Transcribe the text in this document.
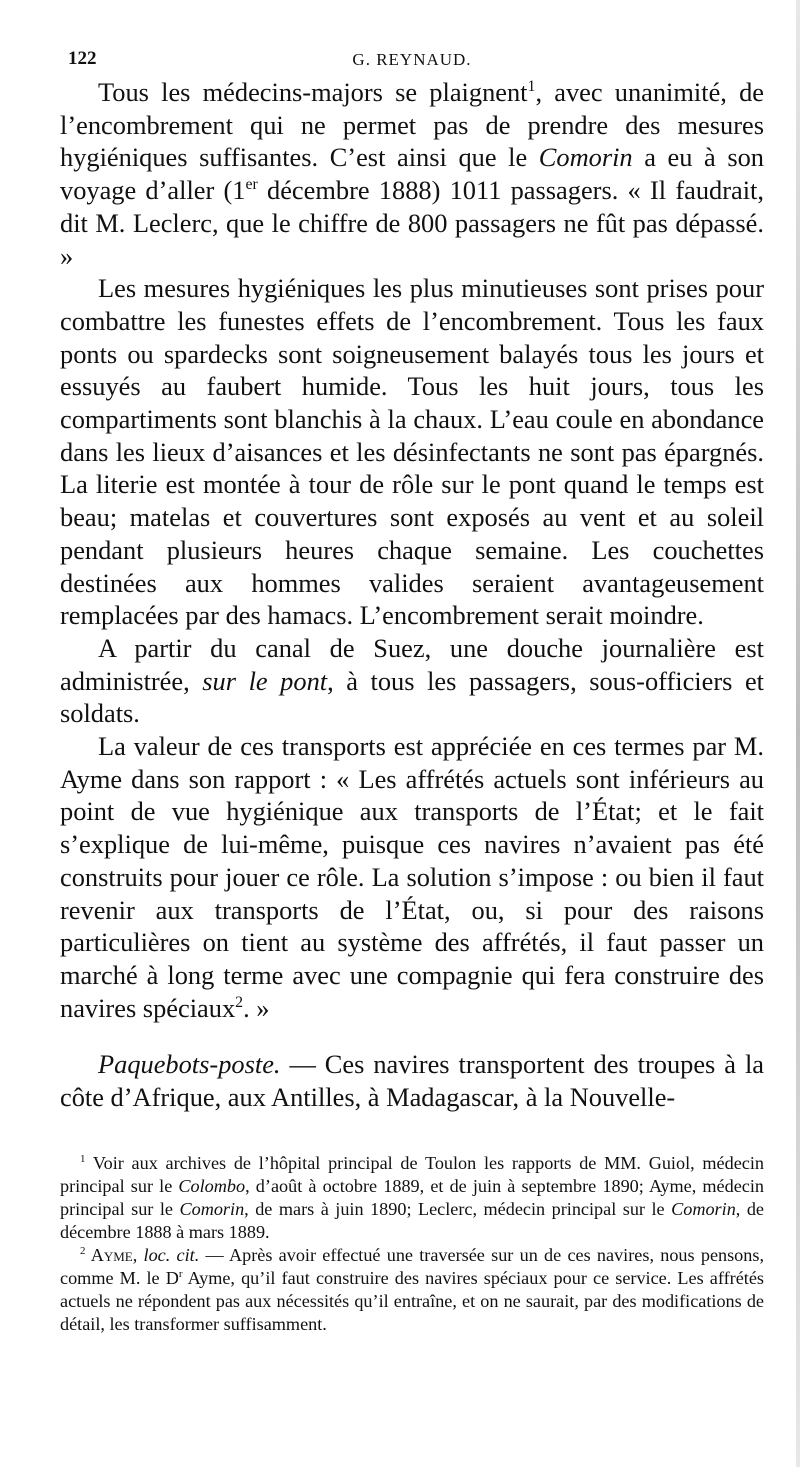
122	G. REYNAUD.

Tous les médecins-majors se plaignent$^1$, avec unanimité, de l’encombrement qui ne permet pas de prendre des mesures hygiéniques suffisantes. C’est ainsi que le Comorin a eu à son voyage d’aller (1er décembre 1888) 1011 passagers. « Il faudrait, dit M. Leclerc, que le chiffre de 800 passagers ne fût pas dépassé. »

Les mesures hygiéniques les plus minutieuses sont prises pour combattre les funestes effets de l’encombrement. Tous les faux ponts ou spardecks sont soigneusement balayés tous les jours et essuyés au faubert humide. Tous les huit jours, tous les compartiments sont blanchis à la chaux. L’eau coule en abondance dans les lieux d’aisances et les désinfectants ne sont pas épargnés. La literie est montée à tour de rôle sur le pont quand le temps est beau; matelas et couvertures sont exposés au vent et au soleil pendant plusieurs heures chaque semaine. Les couchettes destinées aux hommes valides seraient avantageusement remplacées par des hamacs. L’encombrement serait moindre.

A partir du canal de Suez, une douche journalière est administrée, sur le pont, à tous les passagers, sous-officiers et soldats.

La valeur de ces transports est appréciée en ces termes par M. Ayme dans son rapport : « Les affrétés actuels sont inférieurs au point de vue hygiénique aux transports de l’État; et le fait s’explique de lui-même, puisque ces navires n’avaient pas été construits pour jouer ce rôle. La solution s’impose : ou bien il faut revenir aux transports de l’État, ou, si pour des raisons particulières on tient au système des affrétés, il faut passer un marché à long terme avec une compagnie qui fera construire des navires spéciaux$^2$. »

Paquebots-poste. — Ces navires transportent des troupes à la côte d’Afrique, aux Antilles, à Madagascar, à la Nouvelle-

$^1$ Voir aux archives de l’hôpital principal de Toulon les rapports de MM. Guiol, médecin principal sur le Colombo, d’août à octobre 1889, et de juin à septembre 1890; Ayme, médecin principal sur le Comorin, de mars à juin 1890; Leclerc, médecin principal sur le Comorin, de décembre 1888 à mars 1889.

$^2$ Ayme, loc. cit. — Après avoir effectué une traversée sur un de ces navires, nous pensons, comme M. le $D^r$ Ayme, qu’il faut construire des navires spéciaux pour ce service. Les affrétés actuels ne répondent pas aux nécessités qu’il entraîne, et on ne saurait, par des modifications de détail, les transformer suffisamment.
